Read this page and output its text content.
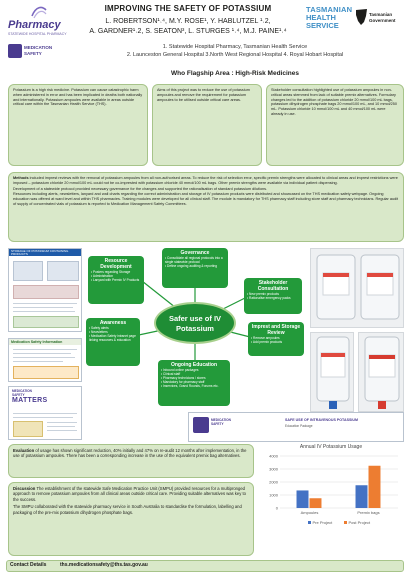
Pharmacy
STATEWIDE HOSPITAL PHARMACY
MEDICATION
SAFETY
IMPROVING THE SAFETY OF POTASSIUM
L. ROBERTSON¹˒⁴, M.Y. ROSE¹, Y. HABLUTZEL ¹˒2,
A. GARDNER¹˒2, S. SEATON³, L. STURGES ¹˒⁴, M.J. PAINE¹˒⁴
TASMANIAN
HEALTH
SERVICE
Tasmanian
Government
1. Statewide Hospital Pharmacy, Tasmanian Health Service
2. Launceston General Hospital 3.North West Regional Hospital 4. Royal Hobart Hospital
Who Flagship Area : High-Risk Medicines
Potassium is a high risk medicine. Potassium can cause catastrophic harm when administered in error and has been implicated in deaths both nationally and internationally. Potassium ampoules were available in areas outside critical care within the Tasmanian Health Service (THS).
Aims of this project was to reduce the use of potassium ampoules and remove the requirement for potassium ampoules to be utilised outside critical care areas.
Stakeholder consultation highlighted use of potassium ampoules in non-critical areas stemmed from lack of suitable premix alternatives. Formulary changes led to the addition of potassium chloride 20 mmol/100 mL bags, potassium dihydrogen phosphate bags 20 mmol/100 mL, and 10 mmol/250 mL. Potassium chloride 10 mmol/100 mL and 40 mmol/100 mL were already in use.
Methods included imprest reviews with the removal of potassium ampoules from all non-authorised areas. To reduce the risk of selection error, specific premix strengths were allocated to clinical areas and imprest restrictions were imposed – potassium chloride 20 mmol/100 mL could not be co-imprested with potassium chloride 40 mmol/100 mL bags. Other premix strengths were available via individual patient dispensing.
Development of a statewide protocol provided necessary governance for the changes and supported the rationalisation of standard potassium dilutions.
Resources including alerts, newsletters, lanyard and wall charts regarding the correct administration and storage of IV potassium products were distributed and showcased on the THS medication safety webpage. Ongoing education was offered at ward level and within THS pharmacies. Training modules were developed for all clinical staff. The module is mandatory for THS pharmacy staff including store staff and pharmacy technicians. Regular audit of supply of concentrated vials of potassium is reported to Medication Management Safety Committees.
STORAGE OF POTASSIUM CONTAINING PRODUCTS
Medication Safety Information
MEDICATION
SAFETY
MATTERS
Governance
• Consolidate all regional protocols into a single statewide protocol
• Define ongoing auditing & reporting
Resource Development
• Posters regarding Storage
• Administration
• Lanyard with Premix IV Products	Stakeholder Consultation
• New premix products
• Rationalise emergency packs
Safer use of IV Potassium
Awareness
• Safety alerts
• Newsletters
• Medication Safety intranet page linking resources & education
Imprest and Storage Review
• Remove ampoules
• Add premix products
Ongoing Education
• Inbound online packages
• Clinical staff
• Pharmacy technicians / stores
• Mandatory for pharmacy staff
• Inservices, Grand Rounds, Forums etc.
MEDICATION
SAFETY
SAFE USE OF INTRAVENOUS POTASSIUM
Education Package
Evaluation of usage has shown significant reduction, 40% initially and 47% on re-audit 12 months after implementation, in the use of potassium ampoules. There has been a corresponding increase in the use of the equivalent premix bag alternatives.
Discussion The establishment of the statewide Safe Medication Practice Unit (SMPU) provided resources for a multipronged approach to remove potassium ampoules from all clinical areas outside critical care. Providing suitable alternatives was key to the success.
The SMPU collaborated with the statewide pharmacy service in South Australia to standardise the formulation, labelling and packaging of the pre-mix potassium dihydrogen phosphate bags.
Annual IV Potassium Usage
0
1000
2000
3000
4000
Ampoules	Premix bags
Pre Project	Post Project
Contact Details	ths.medicationsafety@ths.tas.gov.au
